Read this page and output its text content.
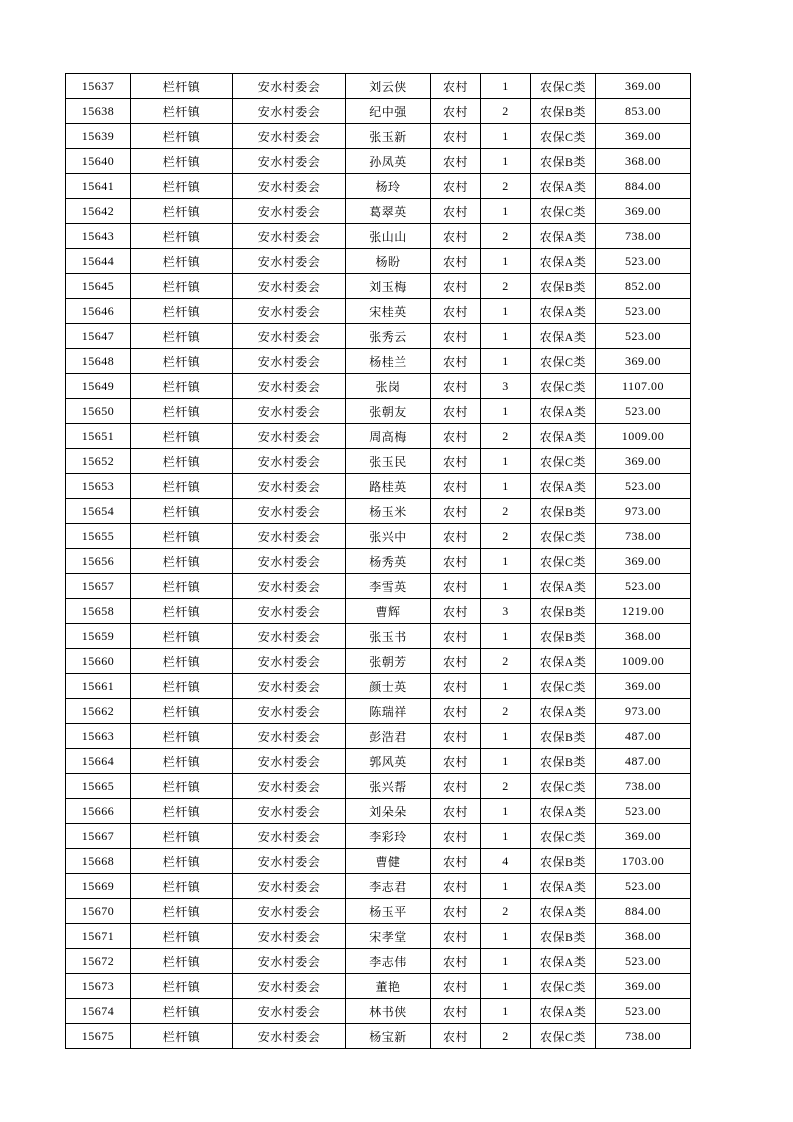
15637	栏杆镇	安水村委会	刘云侠	农村	1	农保C类	369.00
15638	栏杆镇	安水村委会	纪中强	农村	2	农保B类	853.00
15639	栏杆镇	安水村委会	张玉新	农村	1	农保C类	369.00
15640	栏杆镇	安水村委会	孙凤英	农村	1	农保B类	368.00
15641	栏杆镇	安水村委会	杨玲	农村	2	农保A类	884.00
15642	栏杆镇	安水村委会	葛翠英	农村	1	农保C类	369.00
15643	栏杆镇	安水村委会	张山山	农村	2	农保A类	738.00
15644	栏杆镇	安水村委会	杨盼	农村	1	农保A类	523.00
15645	栏杆镇	安水村委会	刘玉梅	农村	2	农保B类	852.00
15646	栏杆镇	安水村委会	宋桂英	农村	1	农保A类	523.00
15647	栏杆镇	安水村委会	张秀云	农村	1	农保A类	523.00
15648	栏杆镇	安水村委会	杨桂兰	农村	1	农保C类	369.00
15649	栏杆镇	安水村委会	张岗	农村	3	农保C类	1107.00
15650	栏杆镇	安水村委会	张朝友	农村	1	农保A类	523.00
15651	栏杆镇	安水村委会	周高梅	农村	2	农保A类	1009.00
15652	栏杆镇	安水村委会	张玉民	农村	1	农保C类	369.00
15653	栏杆镇	安水村委会	路桂英	农村	1	农保A类	523.00
15654	栏杆镇	安水村委会	杨玉米	农村	2	农保B类	973.00
15655	栏杆镇	安水村委会	张兴中	农村	2	农保C类	738.00
15656	栏杆镇	安水村委会	杨秀英	农村	1	农保C类	369.00
15657	栏杆镇	安水村委会	李雪英	农村	1	农保A类	523.00
15658	栏杆镇	安水村委会	曹辉	农村	3	农保B类	1219.00
15659	栏杆镇	安水村委会	张玉书	农村	1	农保B类	368.00
15660	栏杆镇	安水村委会	张朝芳	农村	2	农保A类	1009.00
15661	栏杆镇	安水村委会	颜士英	农村	1	农保C类	369.00
15662	栏杆镇	安水村委会	陈瑞祥	农村	2	农保A类	973.00
15663	栏杆镇	安水村委会	彭浩君	农村	1	农保B类	487.00
15664	栏杆镇	安水村委会	郭风英	农村	1	农保B类	487.00
15665	栏杆镇	安水村委会	张兴帮	农村	2	农保C类	738.00
15666	栏杆镇	安水村委会	刘朵朵	农村	1	农保A类	523.00
15667	栏杆镇	安水村委会	李彩玲	农村	1	农保C类	369.00
15668	栏杆镇	安水村委会	曹健	农村	4	农保B类	1703.00
15669	栏杆镇	安水村委会	李志君	农村	1	农保A类	523.00
15670	栏杆镇	安水村委会	杨玉平	农村	2	农保A类	884.00
15671	栏杆镇	安水村委会	宋孝堂	农村	1	农保B类	368.00
15672	栏杆镇	安水村委会	李志伟	农村	1	农保A类	523.00
15673	栏杆镇	安水村委会	董艳	农村	1	农保C类	369.00
15674	栏杆镇	安水村委会	林书侠	农村	1	农保A类	523.00
15675	栏杆镇	安水村委会	杨宝新	农村	2	农保C类	738.00
